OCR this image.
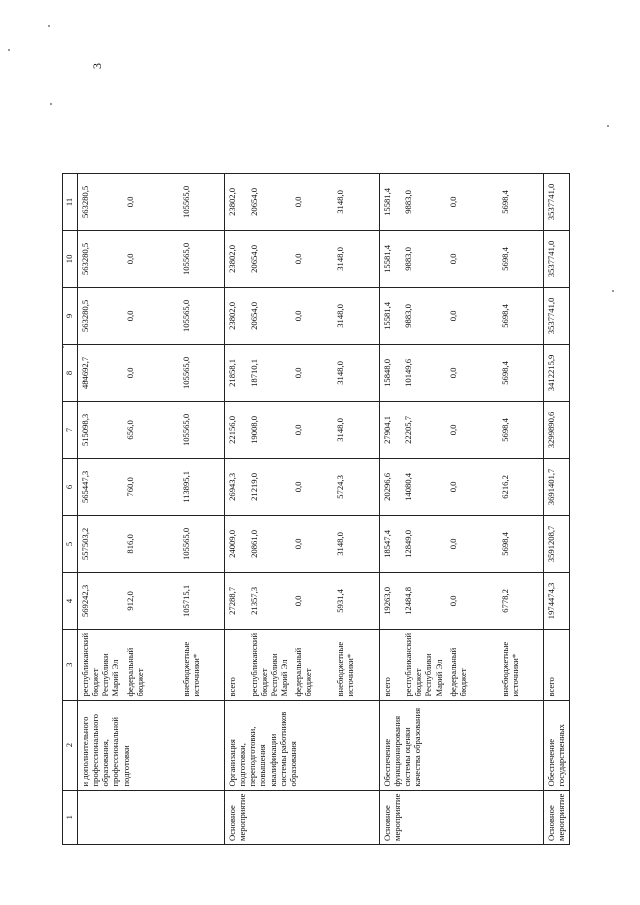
3
1	2	3	4	5	6	7	8	9	10	11
	и дополнительного профессионального образования, профессиональной подготовки	республиканский бюджет Республики Марий Эл	569242,3	557503,2	565447,3	515098,3	484692,7	563280,5	563280,5	563280,5
		федеральный бюджет	912,0	816,0	760,0	656,0	0,0	0,0	0,0	0,0
		внебюджетные источники*	105715,1	105565,0	113895,1	105565,0	105565,0	105565,0	105565,0	105565,0
Основное мероприятие	Организация подготовки, переподготовки, повышения квалификации системы работников образования	всего	27288,7	24009,0	26943,3	22156,0	21858,1	23802,0	23802,0	23802,0
		республиканский бюджет Республики Марий Эл	21357,3	20861,0	21219,0	19008,0	18710,1	20654,0	20654,0	20654,0
		федеральный бюджет	0,0	0,0	0,0	0,0	0,0	0,0	0,0	0,0
		внебюджетные источники*	5931,4	3148,0	5724,3	3148,0	3148,0	3148,0	3148,0	3148,0
Основное мероприятие	Обеспечение функционирования системы оценки качества образования	всего	19263,0	18547,4	20296,6	27904,1	15848,0	15581,4	15581,4	15581,4
		республиканский бюджет Республики Марий Эл	12484,8	12849,0	14080,4	22205,7	10149,6	9883,0	9883,0	9883,0
		федеральный бюджет	0,0	0,0	0,0	0,0	0,0	0,0	0,0	0,0
		внебюджетные источники*	6778,2	5698,4	6216,2	5698,4	5698,4	5698,4	5698,4	5698,4
Основное мероприятие	Обеспечение государственных	всего	1974474,3	3591208,7	3691401,7	3299890,6	3412215,9	3537741,0	3537741,0	3537741,0
